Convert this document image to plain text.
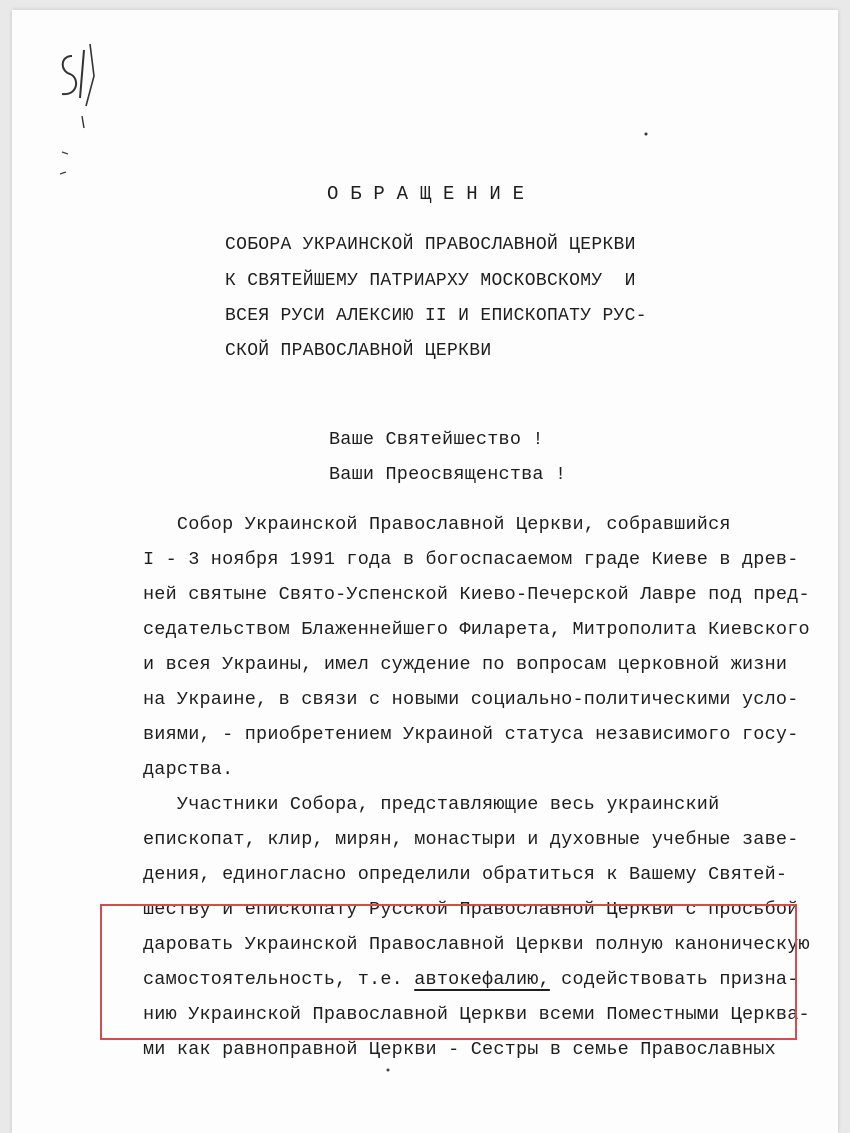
О Б Р А Щ Е Н И Е
СОБОРА УКРАИНСКОЙ ПРАВОСЛАВНОЙ ЦЕРКВИ
К СВЯТЕЙШЕМУ ПАТРИАРХУ МОСКОВСКОМУ  И
ВСЕЯ РУСИ АЛЕКСИЮ II И ЕПИСКОПАТУ РУС-
СКОЙ ПРАВОСЛАВНОЙ ЦЕРКВИ
Ваше Святейшество !
Ваши Преосвященства !
Собор Украинской Православной Церкви, собравшийся
I - 3 ноября 1991 года в богоспасаемом граде Киеве в древ-
ней святыне Свято-Успенской Киево-Печерской Лавре под пред-
седательством Блаженнейшего Филарета, Митрополита Киевского
и всея Украины, имел суждение по вопросам церковной жизни
на Украине, в связи с новыми социально-политическими усло-
виями, - приобретением Украиной статуса независимого госу-
дарства.
Участники Собора, представляющие весь украинский
епископат, клир, мирян, монастыри и духовные учебные заве-
дения, единогласно определили обратиться к Вашему Святей-
шеству и епископату Русской Православной Церкви с просьбой
даровать Украинской Православной Церкви полную каноническую
самостоятельность, т.е. автокефалию, содействовать призна-
нию Украинской Православной Церкви всеми Поместными Церква-
ми как равноправной Церкви - Сестры в семье Православных
